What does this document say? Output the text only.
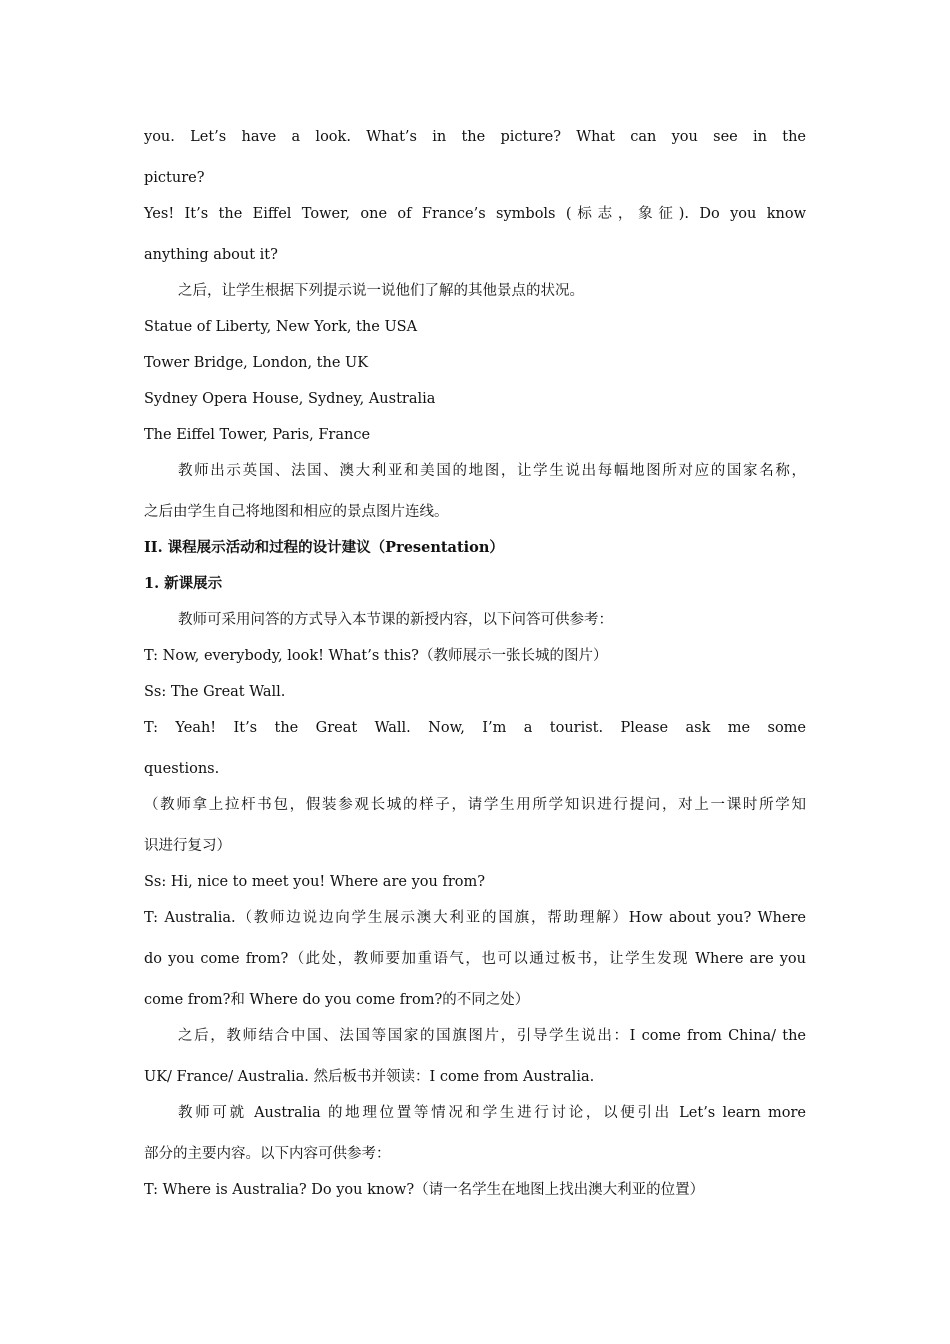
you. Let’s have a look. What’s in the picture? What can you see in the
picture?
Yes! It’s the Eiffel Tower, one of France’s symbols (标志，象征). Do you know
anything about it?
之后，让学生根据下列提示说一说他们了解的其他景点的状况。
Statue of Liberty, New York, the USA
Tower Bridge, London, the UK
Sydney Opera House, Sydney, Australia
The Eiffel Tower, Paris, France
教师出示英国、法国、澳大利亚和美国的地图，让学生说出每幅地图所对应的国家名称，
之后由学生自己将地图和相应的景点图片连线。
II. 课程展示活动和过程的设计建议（Presentation）
1. 新课展示
教师可采用问答的方式导入本节课的新授内容，以下问答可供参考：
T: Now, everybody, look! What’s this?（教师展示一张长城的图片）
Ss: The Great Wall.
T: Yeah! It’s the Great Wall. Now, I’m a tourist. Please ask me some
questions.
（教师拿上拉杆书包，假装参观长城的样子，请学生用所学知识进行提问，对上一课时所学知
识进行复习）
Ss: Hi, nice to meet you! Where are you from?
T: Australia.（教师边说边向学生展示澳大利亚的国旗，帮助理解）How about you? Where
do you come from?（此处，教师要加重语气，也可以通过板书，让学生发现 Where are you
come from?和 Where do you come from?的不同之处）
之后，教师结合中国、法国等国家的国旗图片，引导学生说出：I come from China/ the
UK/ France/ Australia. 然后板书并领读：I come from Australia.
教师可就 Australia 的地理位置等情况和学生进行讨论，以便引出 Let’s learn more
部分的主要内容。以下内容可供参考：
T: Where is Australia? Do you know?（请一名学生在地图上找出澳大利亚的位置）
